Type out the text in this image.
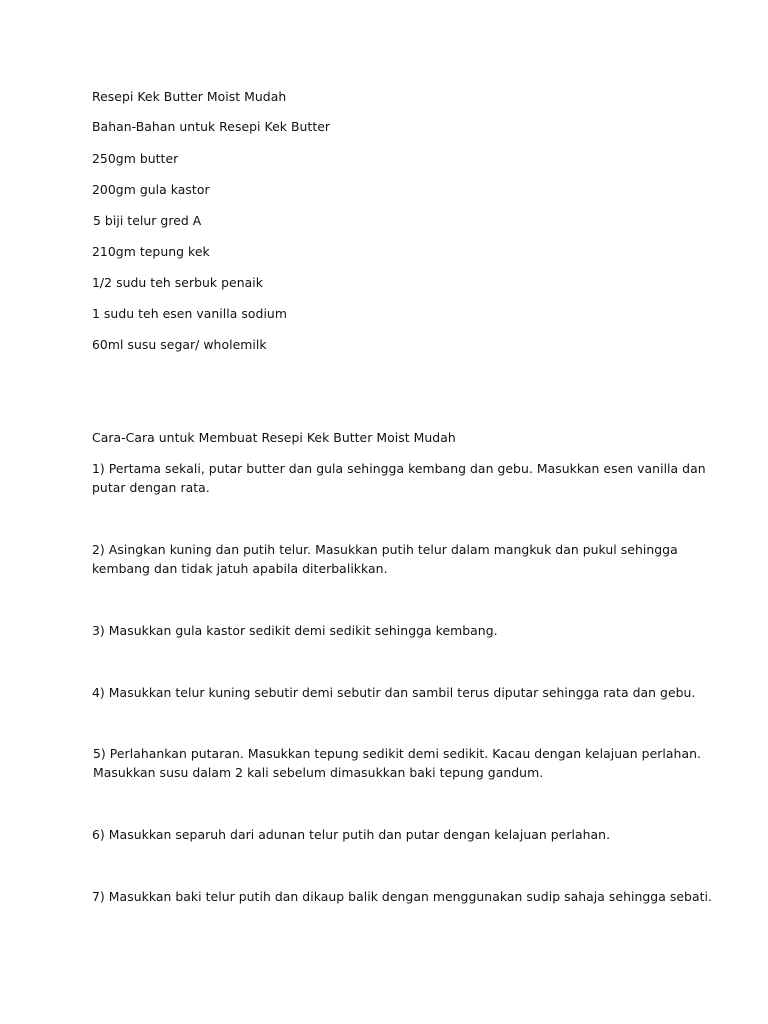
Resepi Kek Butter Moist Mudah
Bahan-Bahan untuk Resepi Kek Butter
250gm butter
200gm gula kastor
5 biji telur gred A
210gm tepung kek
1/2 sudu teh serbuk penaik
1 sudu teh esen vanilla sodium
60ml susu segar/ wholemilk
Cara-Cara untuk Membuat Resepi Kek Butter Moist Mudah
1) Pertama sekali, putar butter dan gula sehingga kembang dan gebu. Masukkan esen vanilla dan
putar dengan rata.
2) Asingkan kuning dan putih telur. Masukkan putih telur dalam mangkuk dan pukul sehingga
kembang dan tidak jatuh apabila diterbalikkan.
3) Masukkan gula kastor sedikit demi sedikit sehingga kembang.
4) Masukkan telur kuning sebutir demi sebutir dan sambil terus diputar sehingga rata dan gebu.
5) Perlahankan putaran. Masukkan tepung sedikit demi sedikit. Kacau dengan kelajuan perlahan.
Masukkan susu dalam 2 kali sebelum dimasukkan baki tepung gandum.
6) Masukkan separuh dari adunan telur putih dan putar dengan kelajuan perlahan.
7) Masukkan baki telur putih dan dikaup balik dengan menggunakan sudip sahaja sehingga sebati.
